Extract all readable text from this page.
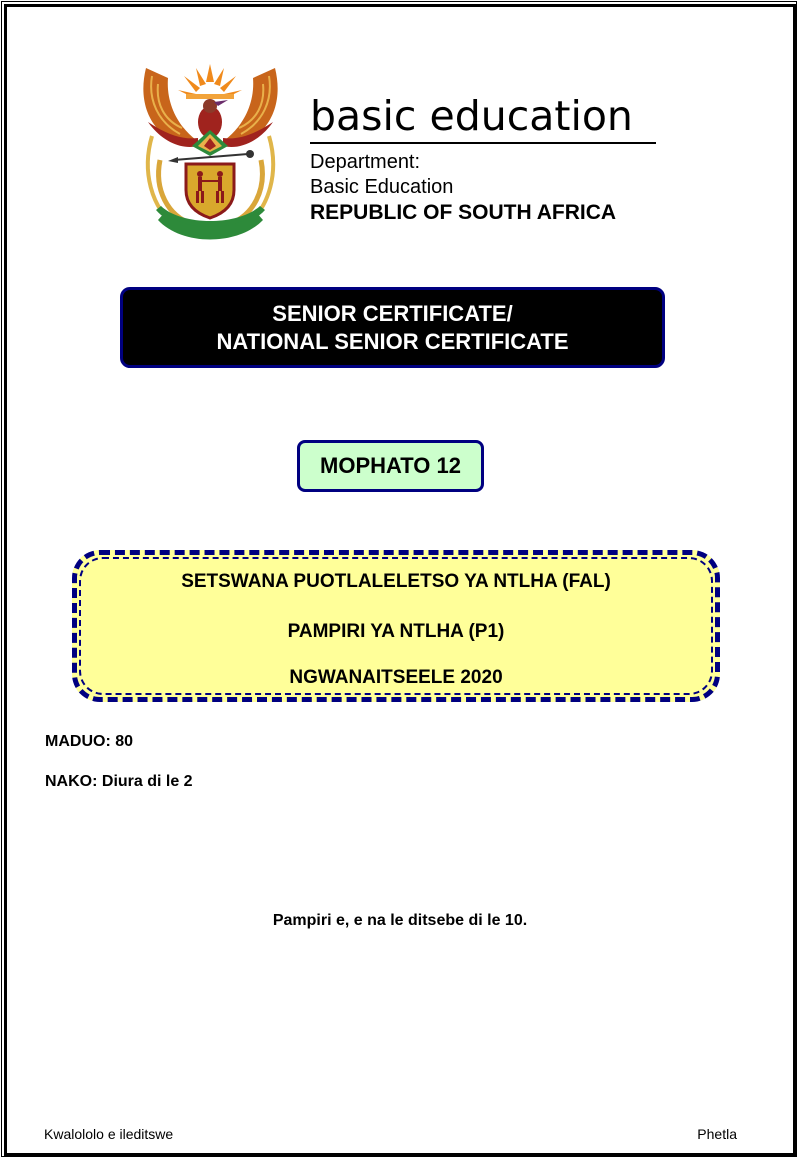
basic education
Department:
Basic Education
REPUBLIC OF SOUTH AFRICA
SENIOR CERTIFICATE/
NATIONAL SENIOR CERTIFICATE
MOPHATO 12
SETSWANA PUOTLALELETSO YA NTLHA (FAL)
PAMPIRI YA NTLHA (P1)
NGWANAITSEELE 2020
MADUO: 80
NAKO: Diura di le 2
Pampiri e, e na le ditsebe di le 10.
Kwalololo e ileditswe	Phetla
